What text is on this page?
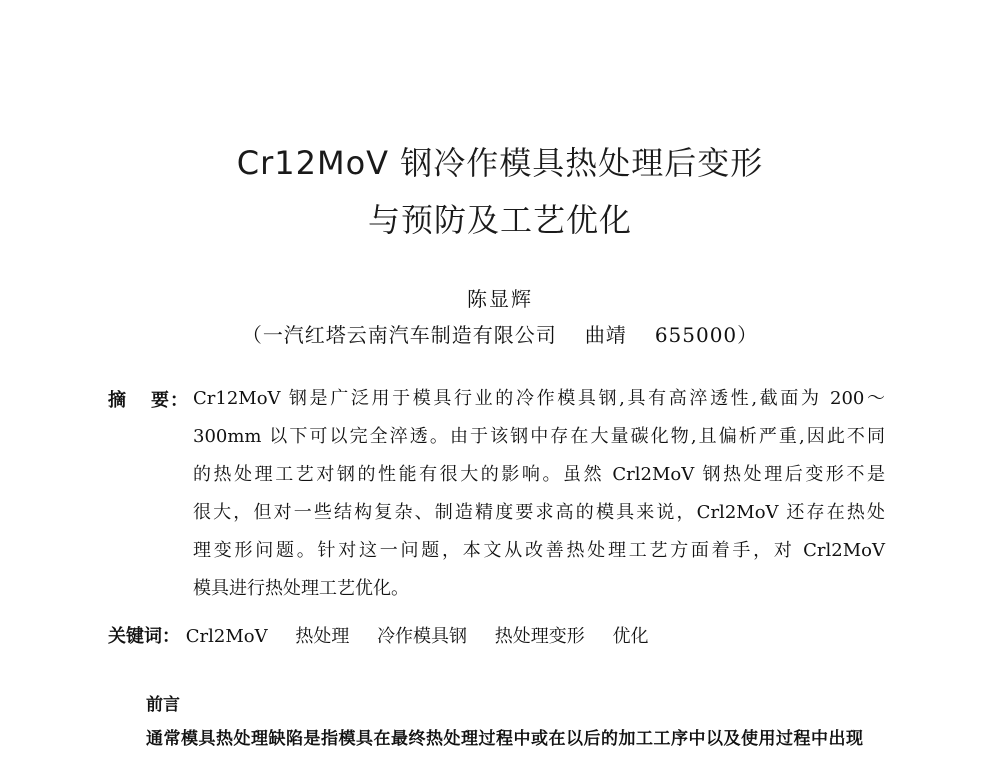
Cr12MoV 钢冷作模具热处理后变形
与预防及工艺优化
陈显辉
（一汽红塔云南汽车制造有限公司 曲靖 655000）
摘 要： Cr12MoV 钢是广泛用于模具行业的冷作模具钢,具有高淬透性,截面为 200～
300mm 以下可以完全淬透。由于该钢中存在大量碳化物,且偏析严重,因此不同
的热处理工艺对钢的性能有很大的影响。虽然 Crl2MoV 钢热处理后变形不是
很大，但对一些结构复杂、制造精度要求高的模具来说，Crl2MoV 还存在热处
理变形问题。针对这一问题，本文从改善热处理工艺方面着手，对 Crl2MoV
模具进行热处理工艺优化。
关键词： Crl2MoV 热处理 冷作模具钢 热处理变形 优化
前言
通常模具热处理缺陷是指模具在最终热处理过程中或在以后的加工工序中以及使用过程中出现
